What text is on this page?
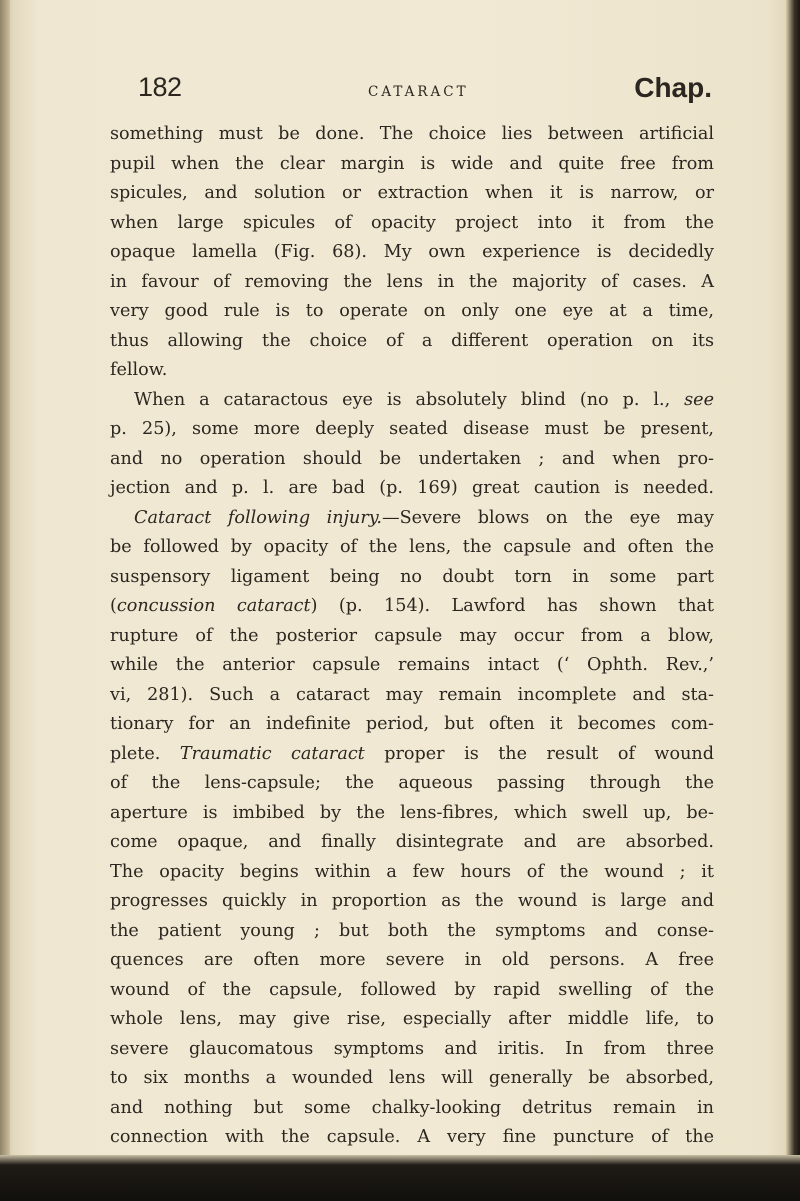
182	CATARACT	Chap.
something must be done. The choice lies between artificial
pupil when the clear margin is wide and quite free from
spicules, and solution or extraction when it is narrow, or
when large spicules of opacity project into it from the
opaque lamella (Fig. 68). My own experience is decidedly
in favour of removing the lens in the majority of cases. A
very good rule is to operate on only one eye at a time,
thus allowing the choice of a different operation on its
fellow.
When a cataractous eye is absolutely blind (no p. l., see
p. 25), some more deeply seated disease must be present,
and no operation should be undertaken ; and when pro-
jection and p. l. are bad (p. 169) great caution is needed.
Cataract following injury.—Severe blows on the eye may
be followed by opacity of the lens, the capsule and often the
suspensory ligament being no doubt torn in some part
(concussion cataract) (p. 154). Lawford has shown that
rupture of the posterior capsule may occur from a blow,
while the anterior capsule remains intact (‘ Ophth. Rev.,’
vi, 281). Such a cataract may remain incomplete and sta-
tionary for an indefinite period, but often it becomes com-
plete. Traumatic cataract proper is the result of wound
of the lens-capsule; the aqueous passing through the
aperture is imbibed by the lens-fibres, which swell up, be-
come opaque, and finally disintegrate and are absorbed.
The opacity begins within a few hours of the wound ; it
progresses quickly in proportion as the wound is large and
the patient young ; but both the symptoms and conse-
quences are often more severe in old persons. A free
wound of the capsule, followed by rapid swelling of the
whole lens, may give rise, especially after middle life, to
severe glaucomatous symptoms and iritis. In from three
to six months a wounded lens will generally be absorbed,
and nothing but some chalky-looking detritus remain in
connection with the capsule. A very fine puncture of the
